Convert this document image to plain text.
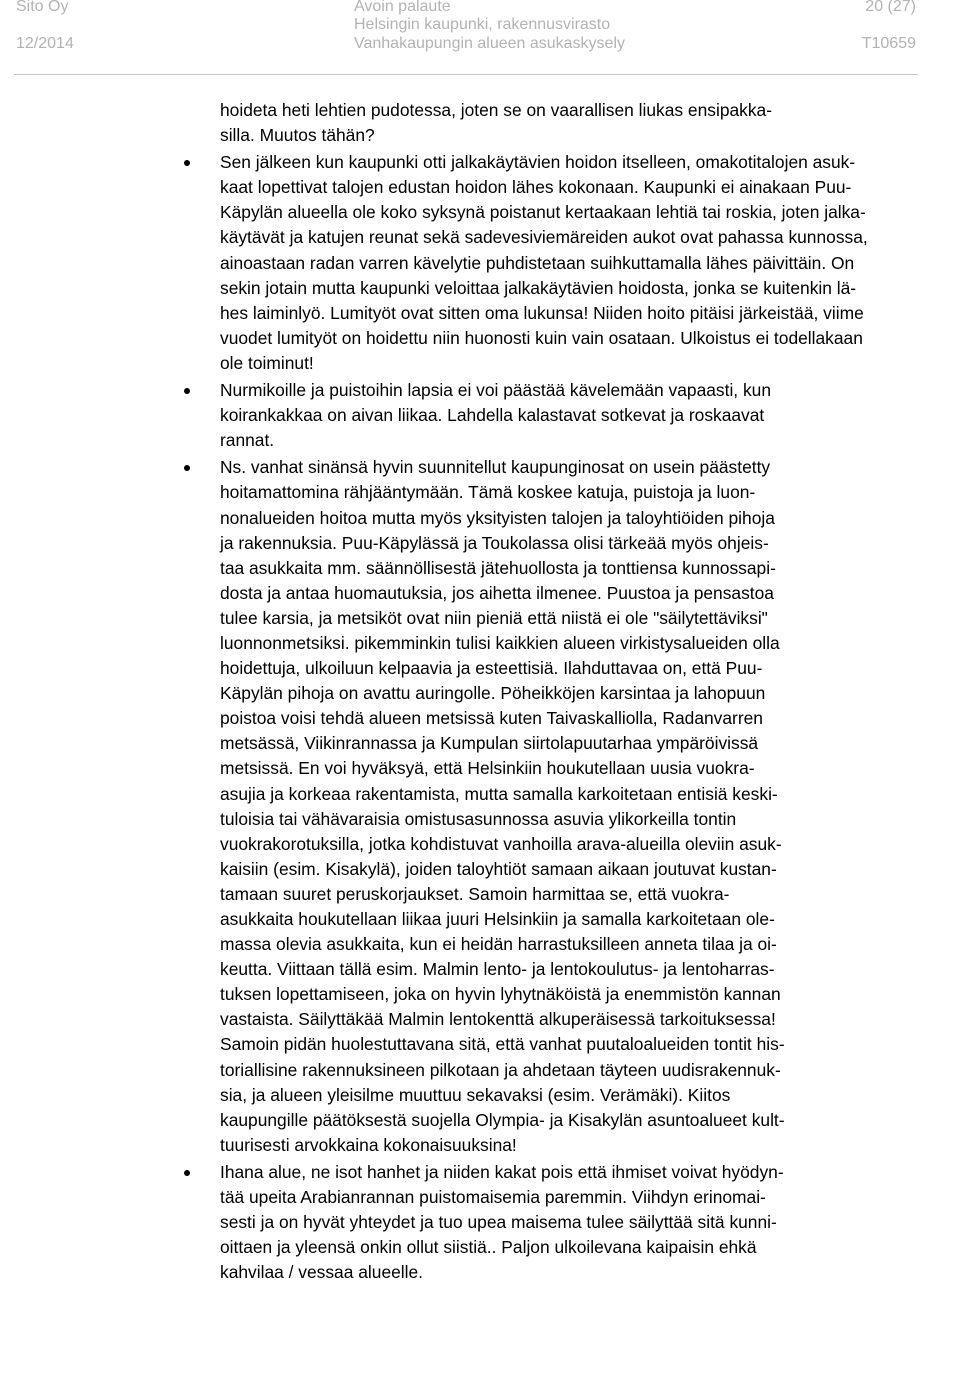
Sito Oy
12/2014
Avoin palaute
Helsingin kaupunki, rakennusvirasto
Vanhakaupungin alueen asukaskysely
20 (27)
T10659
hoideta heti lehtien pudotessa, joten se on vaarallisen liukas ensipakka-
silla. Muutos tähän?
Sen jälkeen kun kaupunki otti jalkakäytävien hoidon itselleen, omakotitalojen asuk-
kaat lopettivat talojen edustan hoidon lähes kokonaan. Kaupunki ei ainakaan Puu-
Käpylän alueella ole koko syksynä poistanut kertaakaan lehtiä tai roskia, joten jalka-
käytävät ja katujen reunat sekä sadevesiviemäreiden aukot ovat pahassa kunnossa,
ainoastaan radan varren kävelytie puhdistetaan suihkuttamalla lähes päivittäin. On
sekin jotain mutta kaupunki veloittaa jalkakäytävien hoidosta, jonka se kuitenkin lä-
hes laiminlyö. Lumityöt ovat sitten oma lukunsa! Niiden hoito pitäisi järkeistää, viime
vuodet lumityöt on hoidettu niin huonosti kuin vain osataan. Ulkoistus ei todellakaan
ole toiminut!
Nurmikoille ja puistoihin lapsia ei voi päästää kävelemään vapaasti, kun
koirankakkaa on aivan liikaa. Lahdella kalastavat sotkevat ja roskaavat
rannat.
Ns. vanhat sinänsä hyvin suunnitellut kaupunginosat on usein päästetty
hoitamattomina rähjääntymään. Tämä koskee katuja, puistoja ja luon-
nonalueiden hoitoa mutta myös yksityisten talojen ja taloyhtiöiden pihoja
ja rakennuksia. Puu-Käpylässä ja Toukolassa olisi tärkeää myös ohjeis-
taa asukkaita mm. säännöllisestä jätehuollosta ja tonttiensa kunnossapi-
dosta ja antaa huomautuksia, jos aihetta ilmenee. Puustoa ja pensastoa
tulee karsia, ja metsiköt ovat niin pieniä että niistä ei ole "säilytettäviksi"
luonnonmetsiksi. pikemminkin tulisi kaikkien alueen virkistysalueiden olla
hoidettuja, ulkoiluun kelpaavia ja esteettisiä. Ilahduttavaa on, että Puu-
Käpylän pihoja on avattu auringolle. Pöheikköjen karsintaa ja lahopuun
poistoa voisi tehdä alueen metsissä kuten Taivaskalliolla, Radanvarren
metsässä, Viikinrannassa ja Kumpulan siirtolapuutarhaa ympäröivissä
metsissä. En voi hyväksyä, että Helsinkiin houkutellaan uusia vuokra-
asujia ja korkeaa rakentamista, mutta samalla karkoitetaan entisiä keski-
tuloisia tai vähävaraisia omistusasunnossa asuvia ylikorkeilla tontin
vuokrakorotuksilla, jotka kohdistuvat vanhoilla arava-alueilla oleviin asuk-
kaisiin (esim. Kisakylä), joiden taloyhtiöt samaan aikaan joutuvat kustan-
tamaan suuret peruskorjaukset. Samoin harmittaa se, että vuokra-
asukkaita houkutellaan liikaa juuri Helsinkiin ja samalla karkoitetaan ole-
massa olevia asukkaita, kun ei heidän harrastuksilleen anneta tilaa ja oi-
keutta. Viittaan tällä esim. Malmin lento- ja lentokoulutus- ja lentoharras-
tuksen lopettamiseen, joka on hyvin lyhytnäköistä ja enemmistön kannan
vastaista. Säilyttäkää Malmin lentokenttä alkuperäisessä tarkoituksessa!
Samoin pidän huolestuttavana sitä, että vanhat puutaloalueiden tontit his-
toriallisine rakennuksineen pilkotaan ja ahdetaan täyteen uudisrakennuk-
sia, ja alueen yleisilme muuttuu sekavaksi (esim. Verämäki). Kiitos
kaupungille päätöksestä suojella Olympia- ja Kisakylän asuntoalueet kult-
tuurisesti arvokkaina kokonaisuuksina!
Ihana alue, ne isot hanhet ja niiden kakat pois että ihmiset voivat hyödyn-
tää upeita Arabianrannan puistomaisemia paremmin. Viihdyn erinomai-
sesti ja on hyvät yhteydet ja tuo upea maisema tulee säilyttää sitä kunni-
oittaen ja yleensä onkin ollut siistiä.. Paljon ulkoilevana kaipaisin ehkä
kahvilaa / vessaa alueelle.
